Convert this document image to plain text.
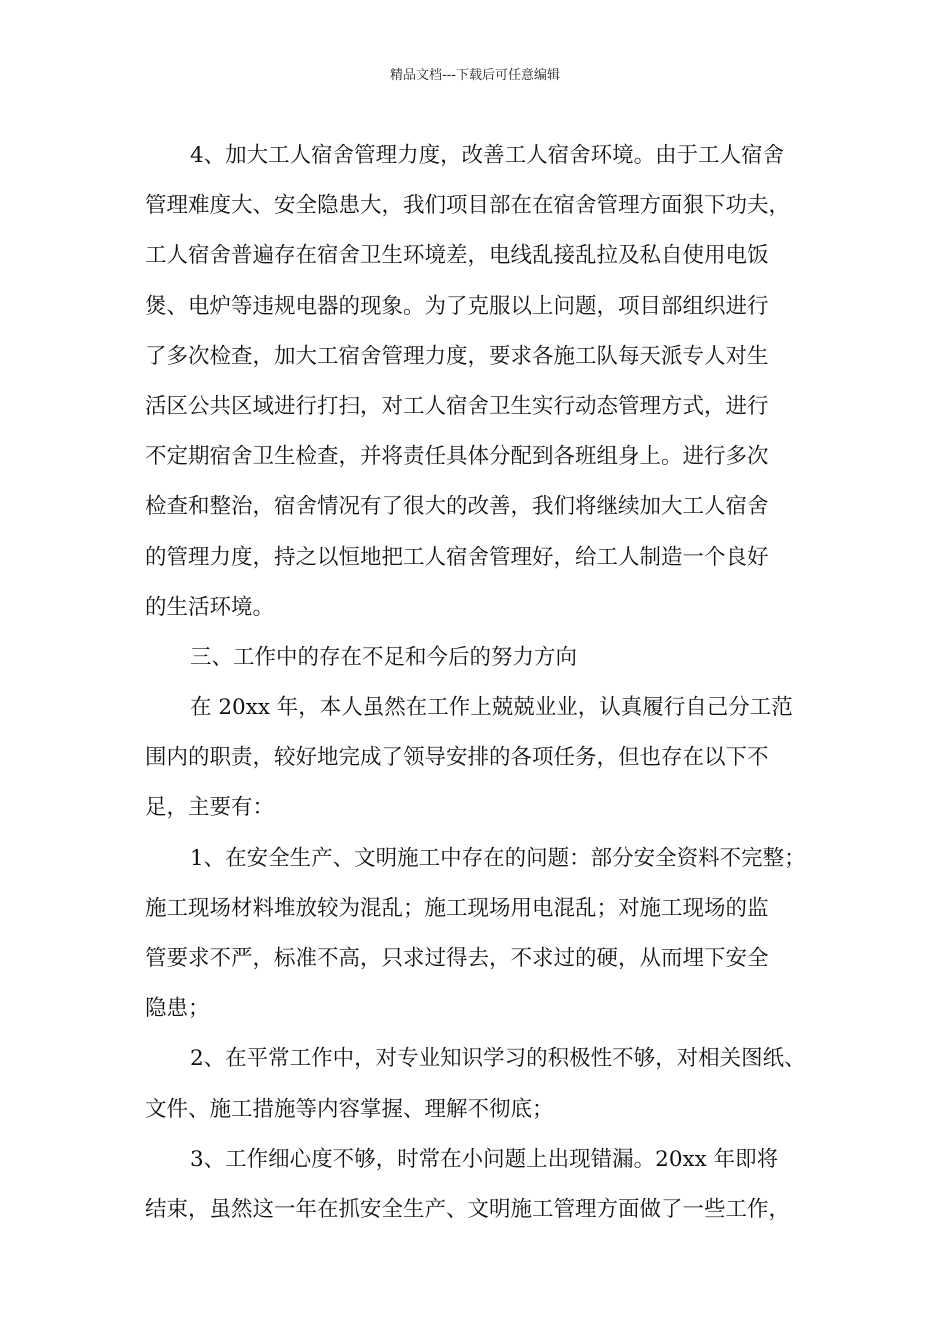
精品文档---下载后可任意编辑
4、加大工人宿舍管理力度，改善工人宿舍环境。由于工人宿舍
管理难度大、安全隐患大，我们项目部在在宿舍管理方面狠下功夫，
工人宿舍普遍存在宿舍卫生环境差，电线乱接乱拉及私自使用电饭
煲、电炉等违规电器的现象。为了克服以上问题，项目部组织进行
了多次检查，加大工宿舍管理力度，要求各施工队每天派专人对生
活区公共区域进行打扫，对工人宿舍卫生实行动态管理方式，进行
不定期宿舍卫生检查，并将责任具体分配到各班组身上。进行多次
检查和整治，宿舍情况有了很大的改善，我们将继续加大工人宿舍
的管理力度，持之以恒地把工人宿舍管理好，给工人制造一个良好
的生活环境。
三、工作中的存在不足和今后的努力方向
在 20xx 年，本人虽然在工作上兢兢业业，认真履行自己分工范
围内的职责，较好地完成了领导安排的各项任务，但也存在以下不
足，主要有：
1、在安全生产、文明施工中存在的问题：部分安全资料不完整；
施工现场材料堆放较为混乱；施工现场用电混乱；对施工现场的监
管要求不严，标准不高，只求过得去，不求过的硬，从而埋下安全
隐患；
2、在平常工作中，对专业知识学习的积极性不够，对相关图纸、
文件、施工措施等内容掌握、理解不彻底；
3、工作细心度不够，时常在小问题上出现错漏。20xx 年即将
结束，虽然这一年在抓安全生产、文明施工管理方面做了一些工作，
